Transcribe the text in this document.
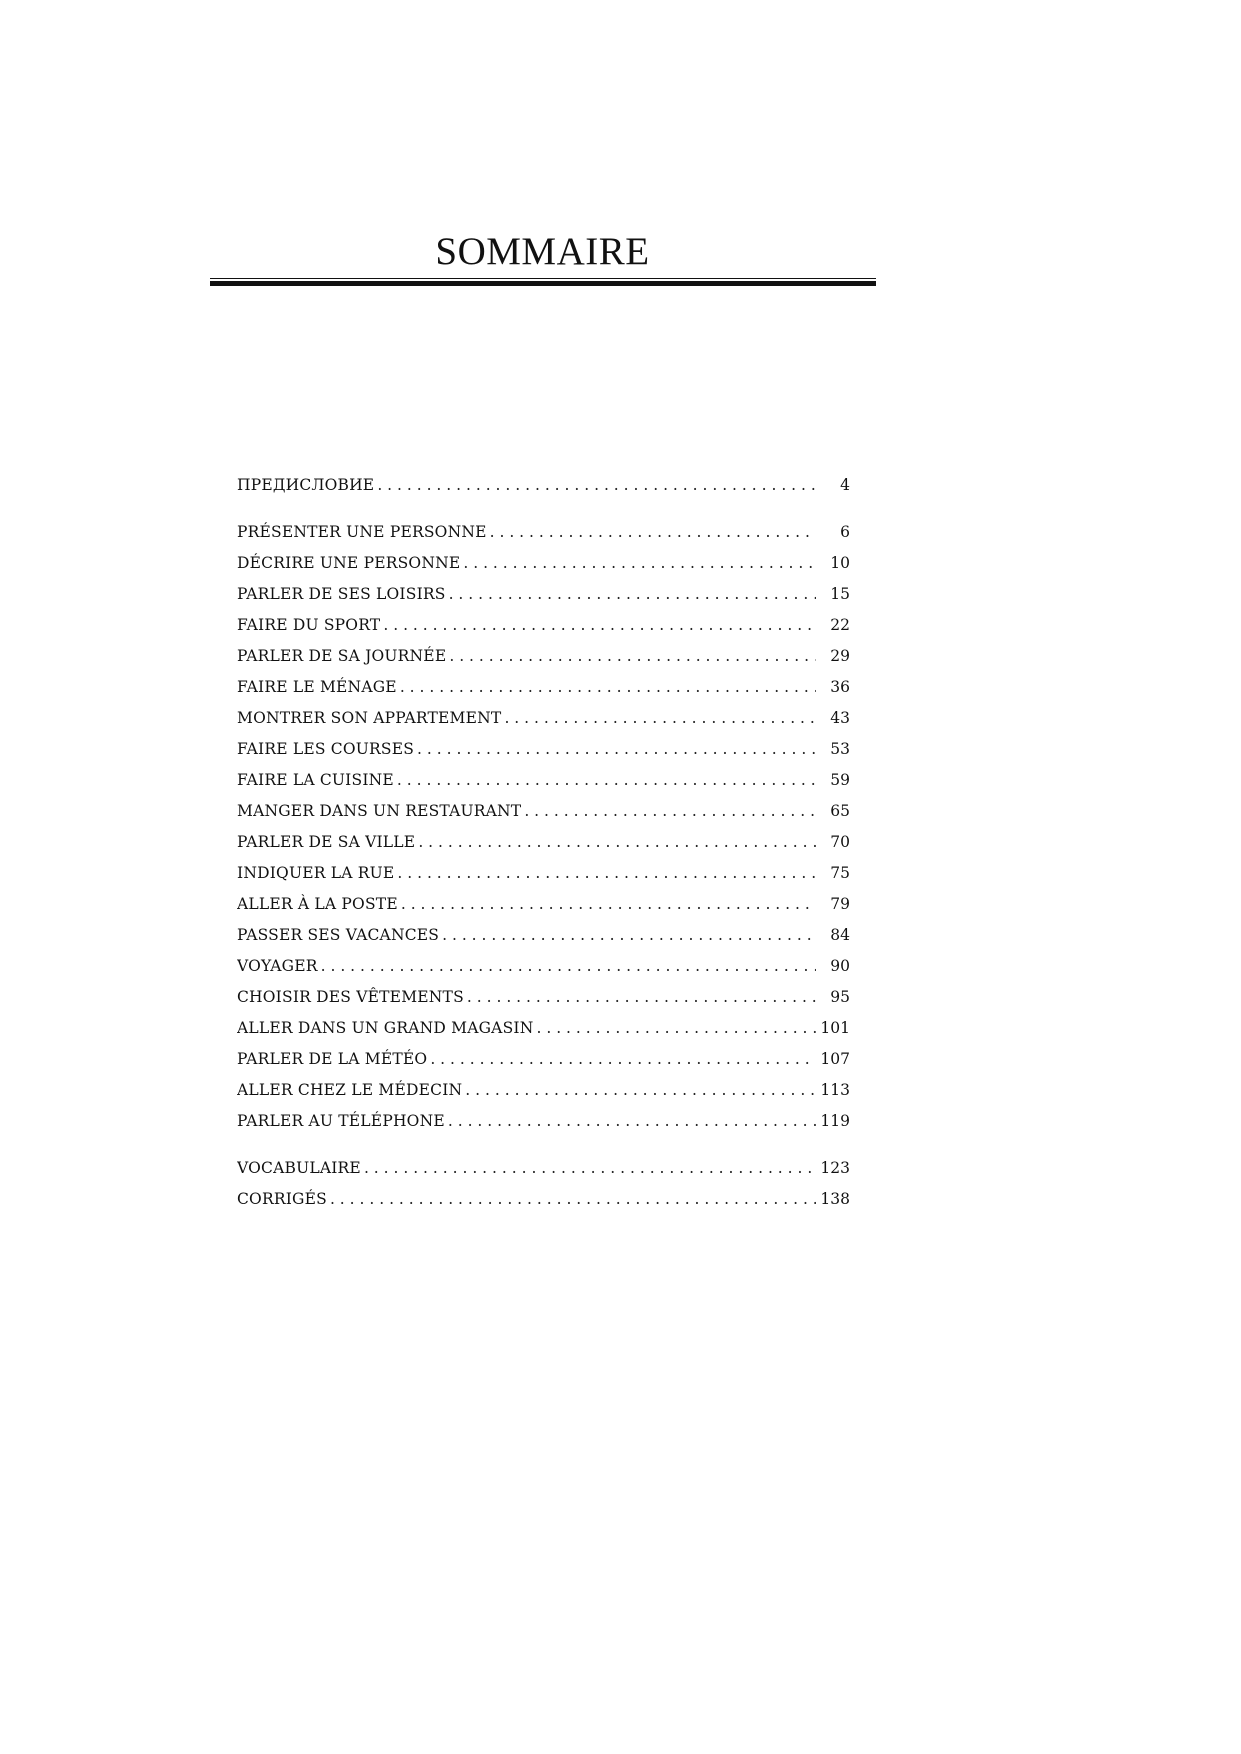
SOMMAIRE
ПРЕДИСЛОВИЕ . . .	4
PRÉSENTER UNE PERSONNE . . .	6
DÉCRIRE UNE PERSONNE . . .	10
PARLER DE SES LOISIRS . . .	15
FAIRE DU SPORT . . .	22
PARLER DE SA JOURNÉE . . .	29
FAIRE LE MÉNAGE . . .	36
MONTRER SON APPARTEMENT . . .	43
FAIRE LES COURSES . . .	53
FAIRE LA CUISINE . . .	59
MANGER DANS UN RESTAURANT . . .	65
PARLER DE SA VILLE . . .	70
INDIQUER LA RUE . . .	75
ALLER À LA POSTE . . .	79
PASSER SES VACANCES . . .	84
VOYAGER . . .	90
CHOISIR DES VÊTEMENTS . . .	95
ALLER DANS UN GRAND MAGASIN . . .	101
PARLER DE LA MÉTÉO . . .	107
ALLER CHEZ LE MÉDECIN . . .	113
PARLER AU TÉLÉPHONE . . .	119
VOCABULAIRE . . .	123
CORRIGÉS . . .	138
